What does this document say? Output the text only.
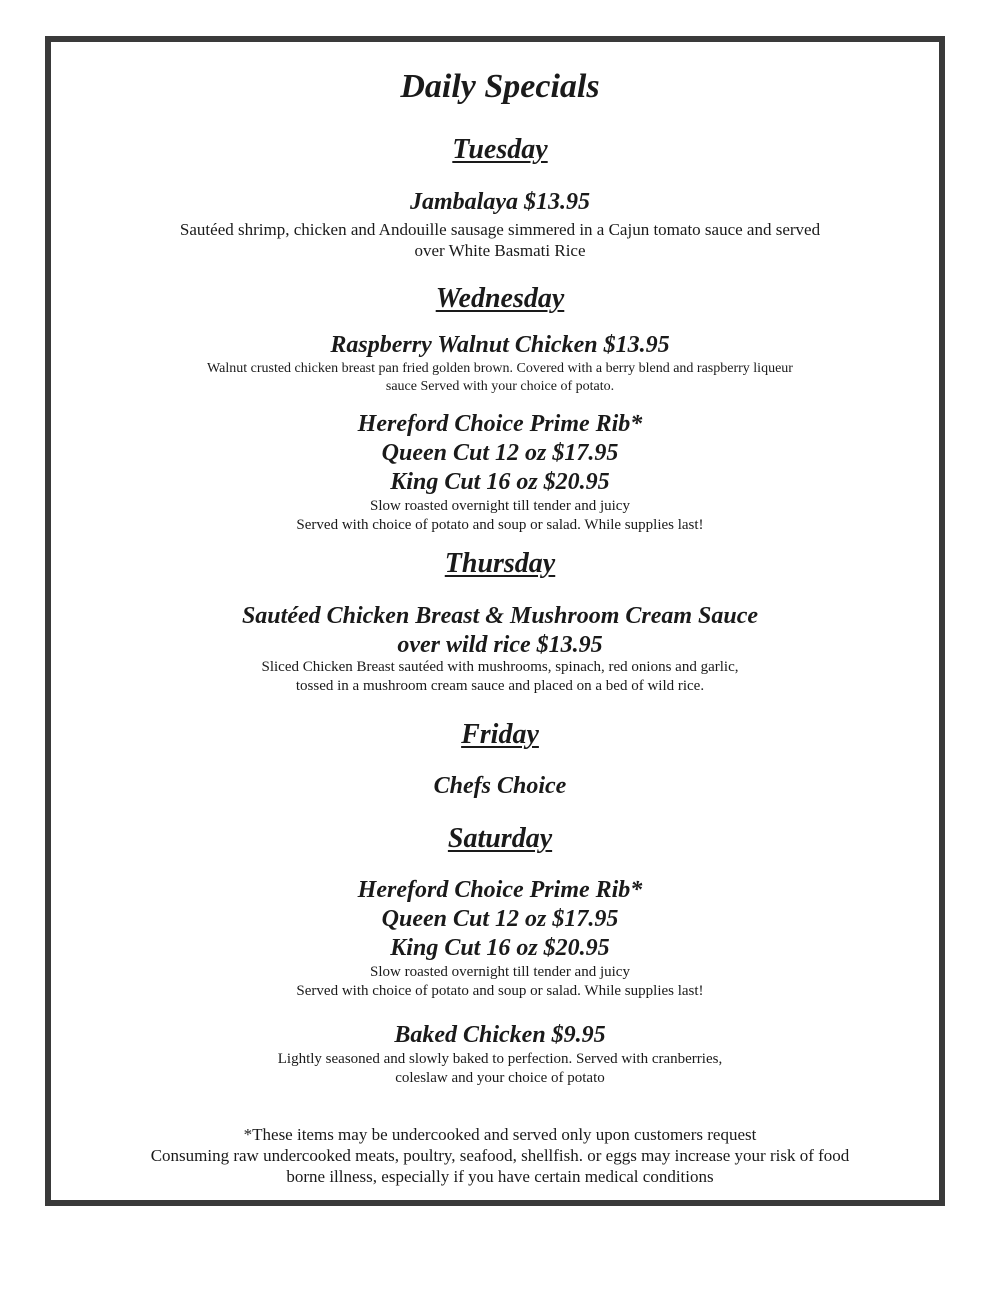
Daily Specials
Tuesday
Jambalaya $13.95
Sautéed shrimp, chicken and Andouille sausage simmered in a Cajun tomato sauce and served
over White Basmati Rice
Wednesday
Raspberry Walnut Chicken $13.95
Walnut crusted chicken breast pan fried golden brown. Covered with a berry blend and raspberry liqueur
sauce Served with your choice of potato.
Hereford Choice Prime Rib*
Queen Cut 12 oz $17.95
King Cut 16 oz $20.95
Slow roasted overnight till tender and juicy
Served with choice of potato and soup or salad. While supplies last!
Thursday
Sautéed Chicken Breast & Mushroom Cream Sauce
over wild rice $13.95
Sliced Chicken Breast sautéed with mushrooms, spinach, red onions and garlic,
tossed in a mushroom cream sauce and placed on a bed of wild rice.
Friday
Chefs Choice
Saturday
Hereford Choice Prime Rib*
Queen Cut 12 oz $17.95
King Cut 16 oz $20.95
Slow roasted overnight till tender and juicy
Served with choice of potato and soup or salad. While supplies last!
Baked Chicken $9.95
Lightly seasoned and slowly baked to perfection. Served with cranberries,
coleslaw and your choice of potato
*These items may be undercooked and served only upon customers request
Consuming raw undercooked meats, poultry, seafood, shellfish. or eggs may increase your risk of food
borne illness, especially if you have certain medical conditions
